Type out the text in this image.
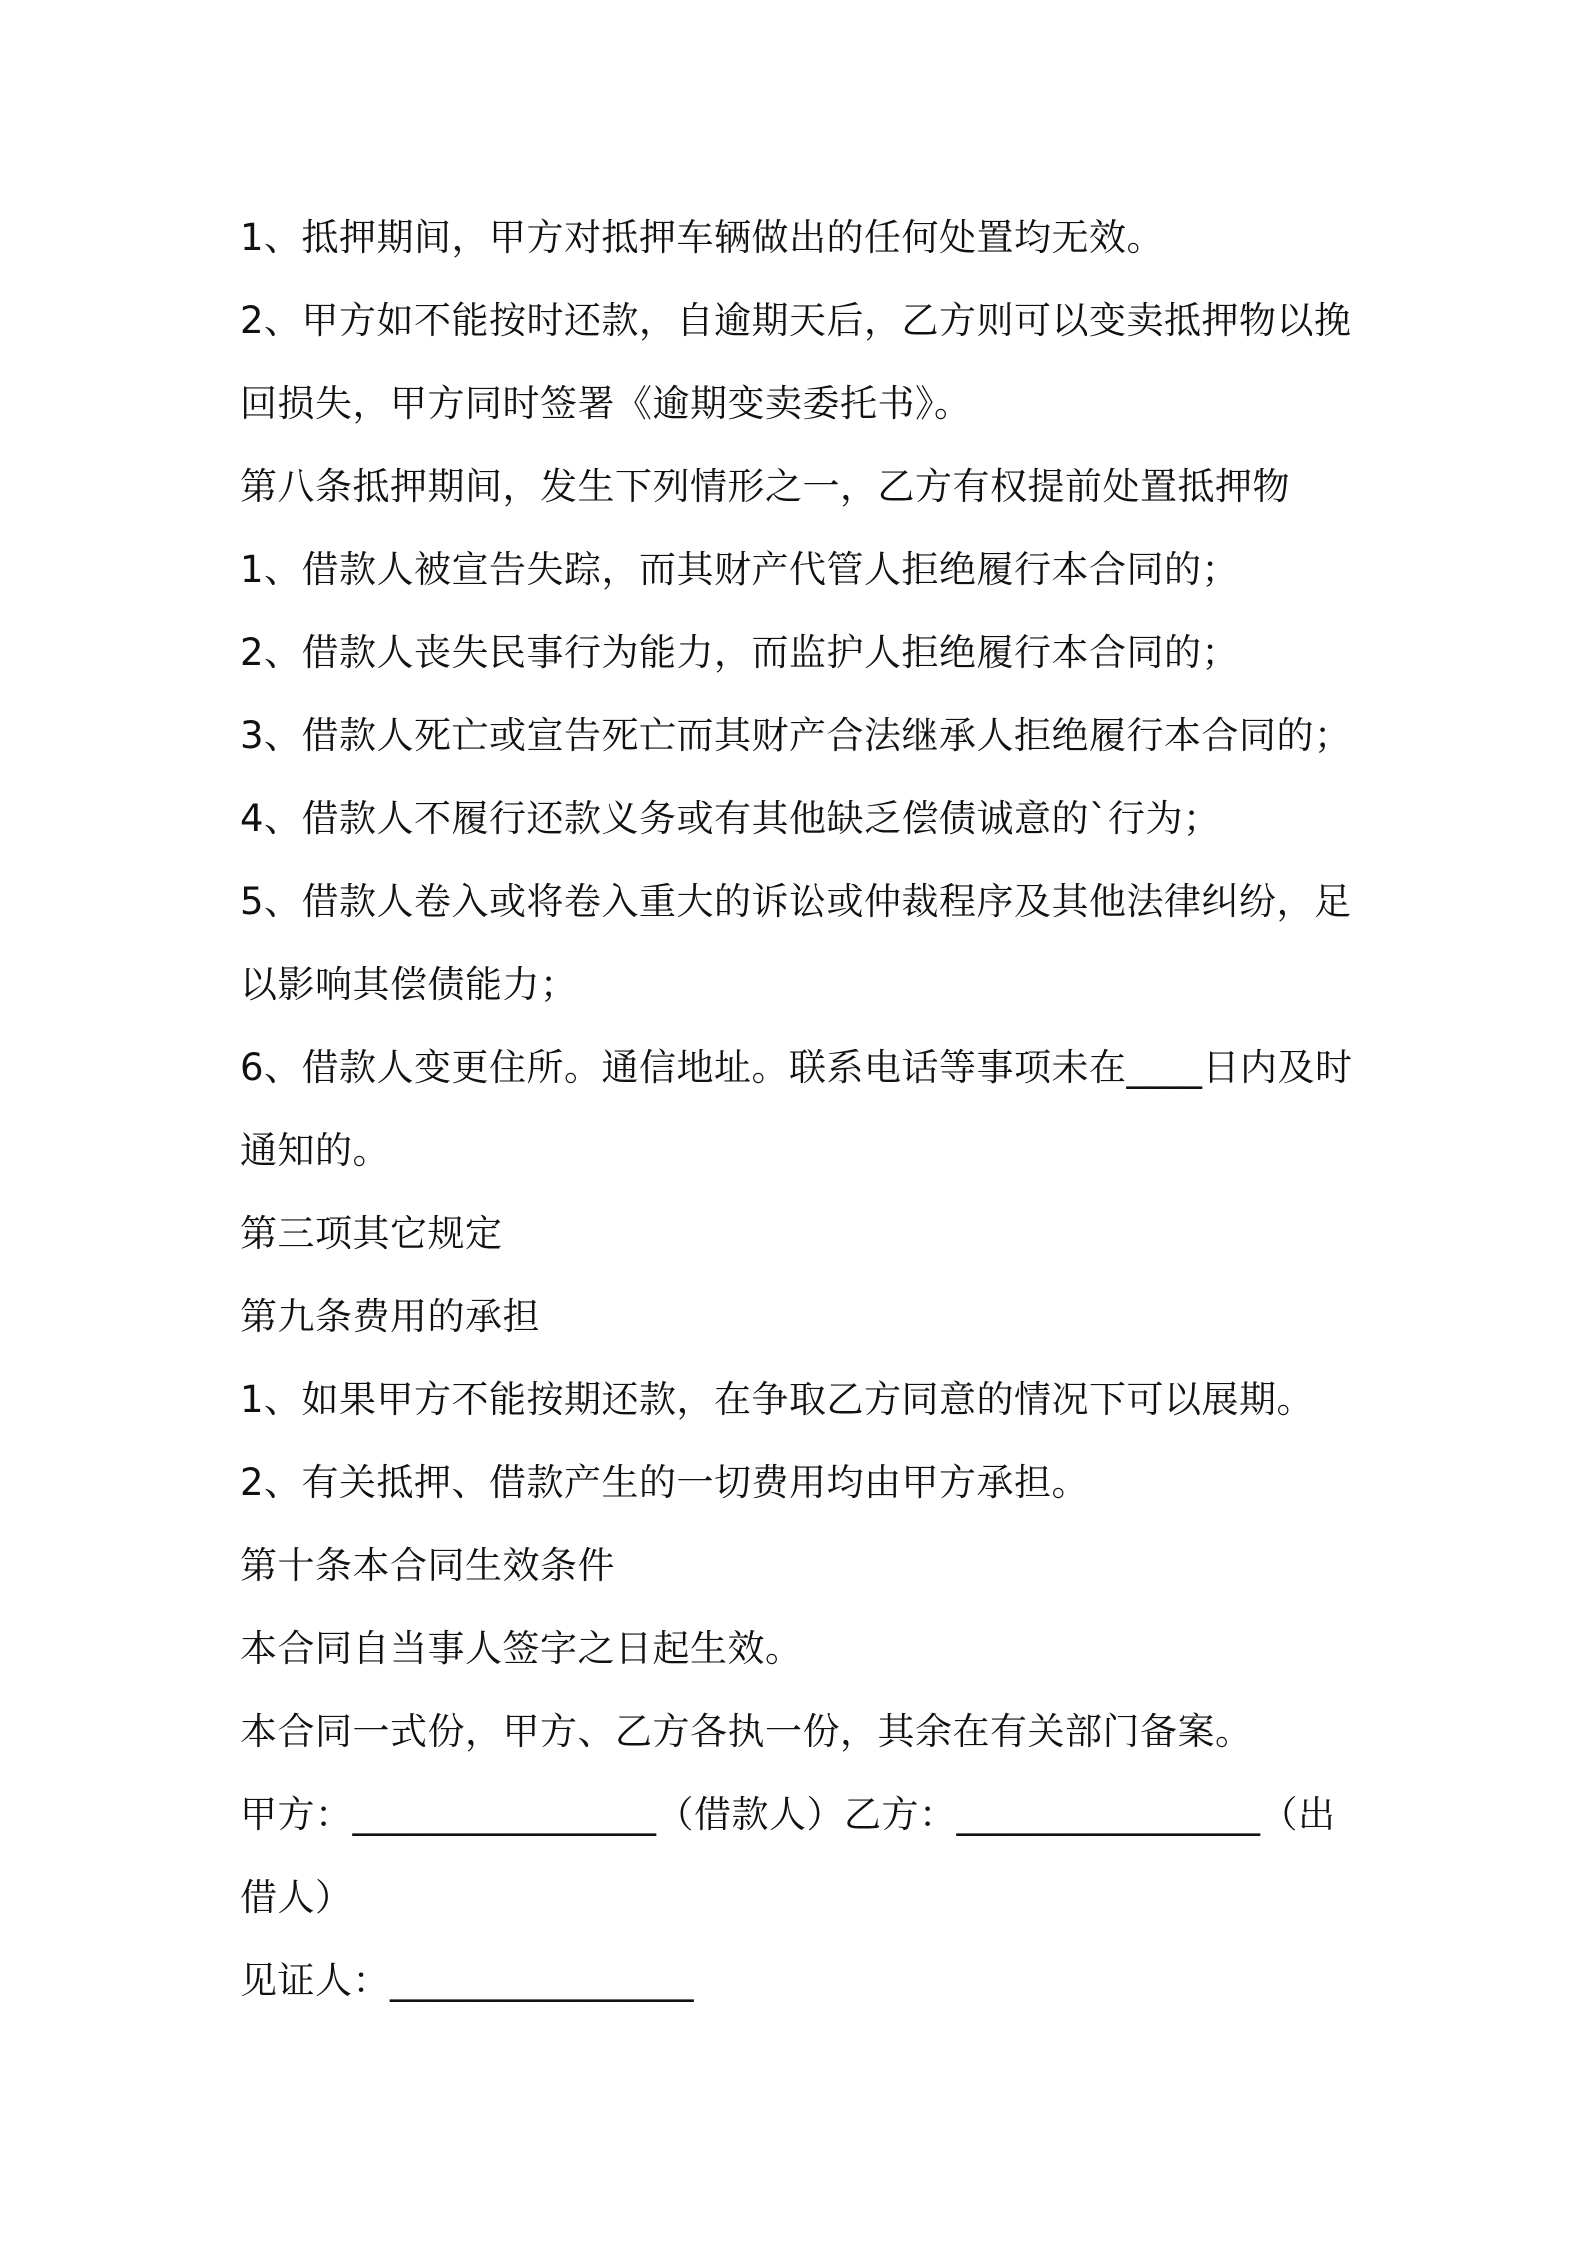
1、抵押期间，甲方对抵押车辆做出的任何处置均无效。

2、甲方如不能按时还款，自逾期天后，乙方则可以变卖抵押物以挽

回损失，甲方同时签署《逾期变卖委托书》。

第八条抵押期间，发生下列情形之一，乙方有权提前处置抵押物

1、借款人被宣告失踪，而其财产代管人拒绝履行本合同的；

2、借款人丧失民事行为能力，而监护人拒绝履行本合同的；

3、借款人死亡或宣告死亡而其财产合法继承人拒绝履行本合同的；

4、借款人不履行还款义务或有其他缺乏偿债诚意的`行为；

5、借款人卷入或将卷入重大的诉讼或仲裁程序及其他法律纠纷，足

以影响其偿债能力；

6、借款人变更住所。通信地址。联系电话等事项未在____日内及时

通知的。

第三项其它规定

第九条费用的承担

1、如果甲方不能按期还款，在争取乙方同意的情况下可以展期。

2、有关抵押、借款产生的一切费用均由甲方承担。

第十条本合同生效条件

本合同自当事人签字之日起生效。

本合同一式份，甲方、乙方各执一份，其余在有关部门备案。

甲方：________________（借款人）乙方：________________（出

借人）

见证人：________________
